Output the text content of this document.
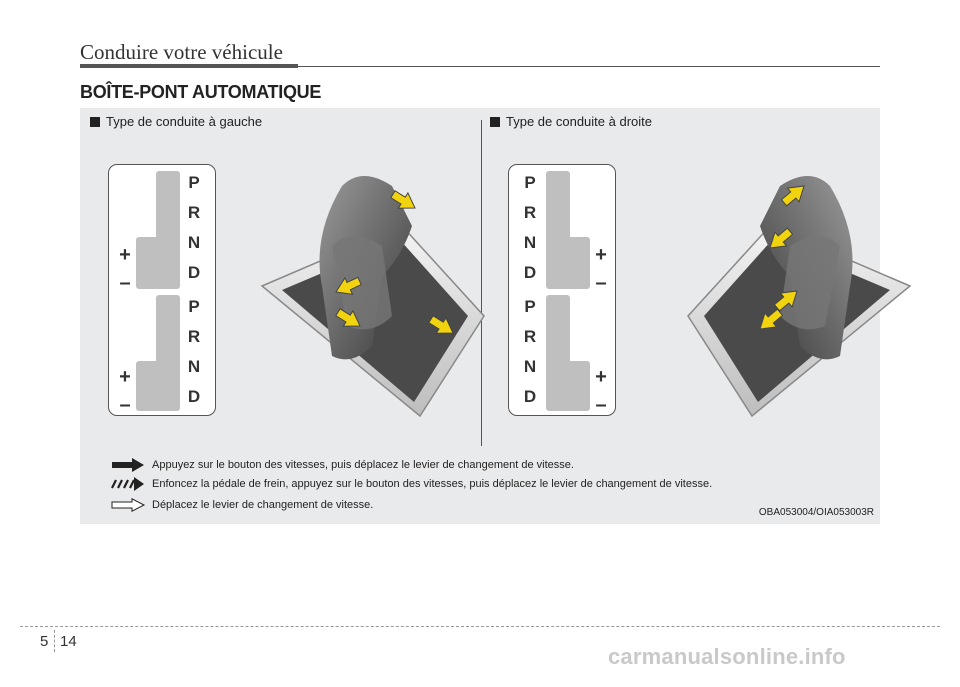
Conduire votre véhicule
BOÎTE-PONT AUTOMATIQUE
Type de conduite à gauche	Type de conduite à droite
P
R
N
D
P
R
N
D
+
–
+
–
P
R
N
D
P
R
N
D
+
–
+
–
Appuyez sur le bouton des vitesses, puis déplacez le levier de changement de vitesse.
Enfoncez la pédale de frein, appuyez sur le bouton des vitesses, puis déplacez le levier de changement de vitesse.
Déplacez le levier de changement de vitesse.
OBA053004/OIA053003R
5 14
carmanualsonline.info
